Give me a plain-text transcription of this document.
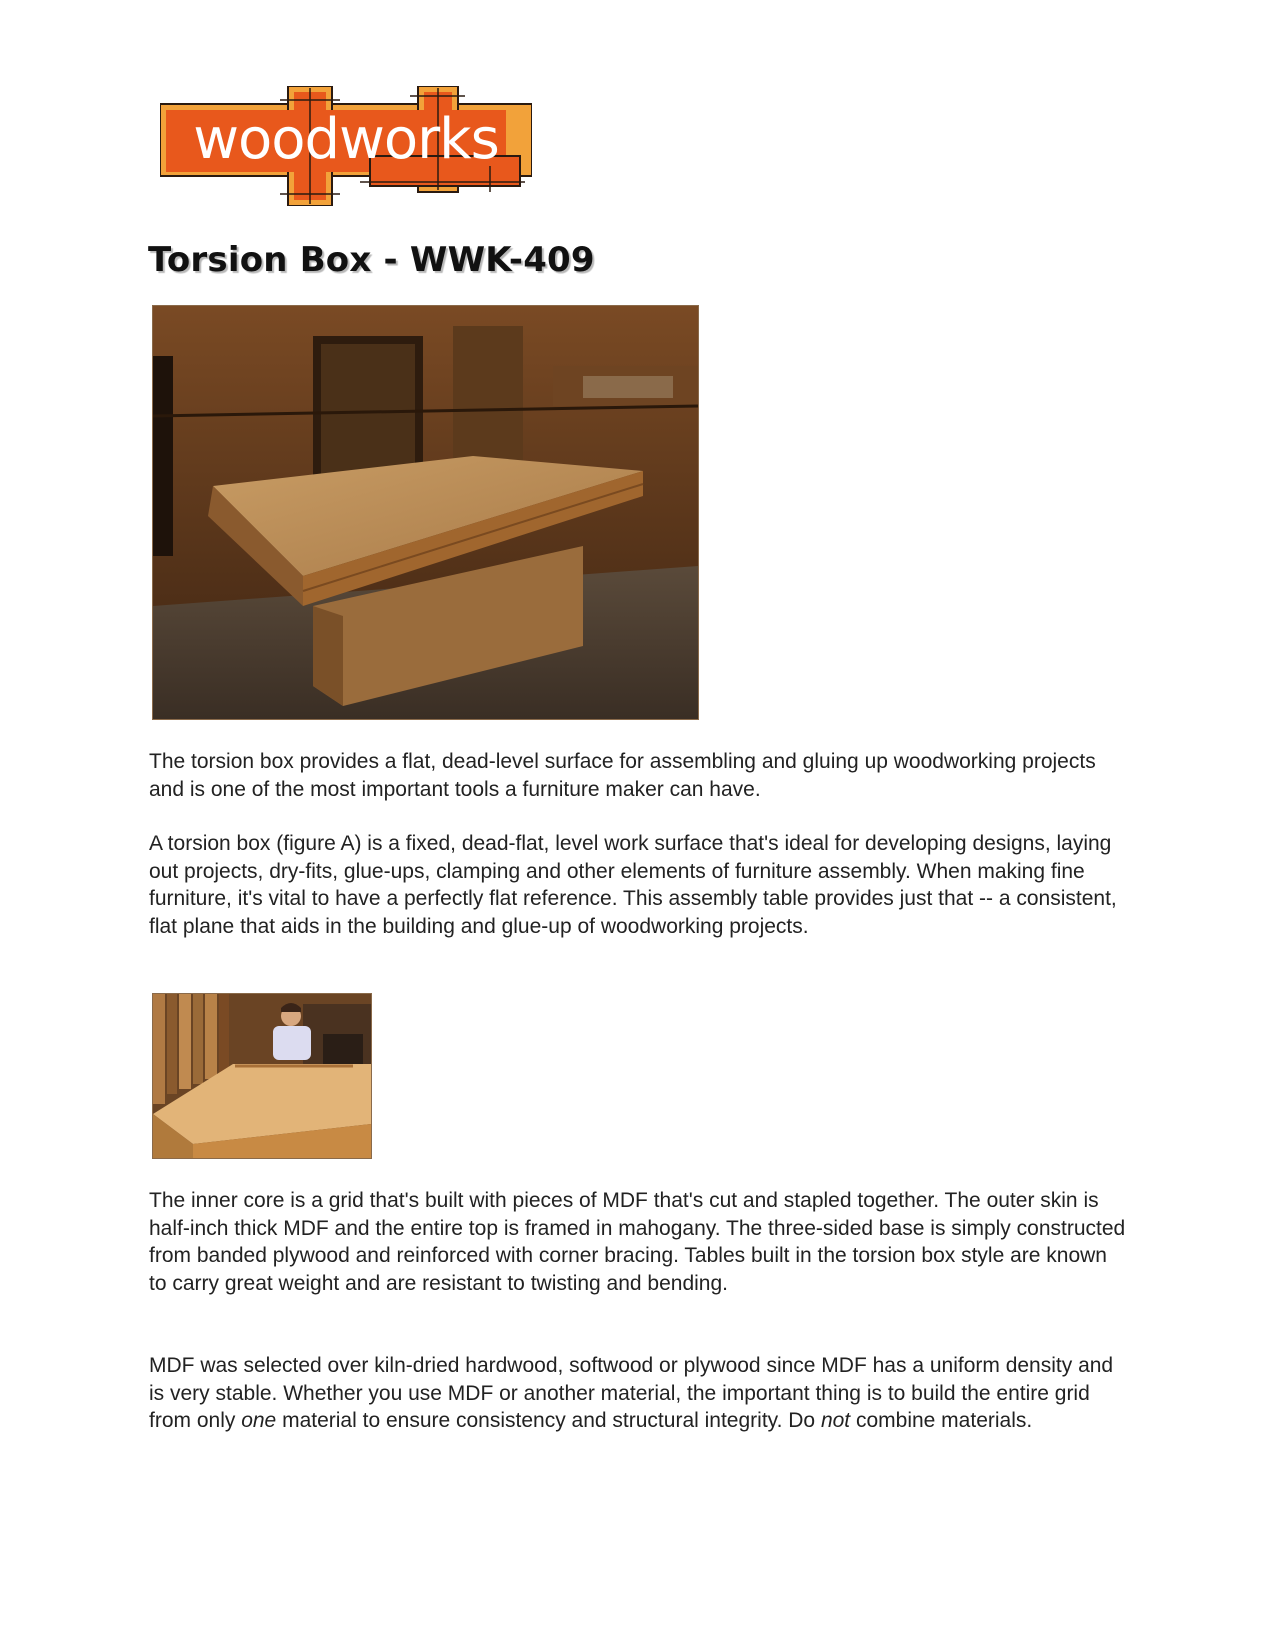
woodworks
Torsion Box - WWK-409

The torsion box provides a flat, dead-level surface for assembling and gluing up woodworking projects and is one of the most important tools a furniture maker can have.

A torsion box (figure A) is a fixed, dead-flat, level work surface that's ideal for developing designs, laying out projects, dry-fits, glue-ups, clamping and other elements of furniture assembly. When making fine furniture, it's vital to have a perfectly flat reference. This assembly table provides just that -- a consistent, flat plane that aids in the building and glue-up of woodworking projects.

The inner core is a grid that's built with pieces of MDF that's cut and stapled together. The outer skin is half-inch thick MDF and the entire top is framed in mahogany. The three-sided base is simply constructed from banded plywood and reinforced with corner bracing. Tables built in the torsion box style are known to carry great weight and are resistant to twisting and bending.

MDF was selected over kiln-dried hardwood, softwood or plywood since MDF has a uniform density and is very stable. Whether you use MDF or another material, the important thing is to build the entire grid from only one material to ensure consistency and structural integrity. Do not combine materials.
